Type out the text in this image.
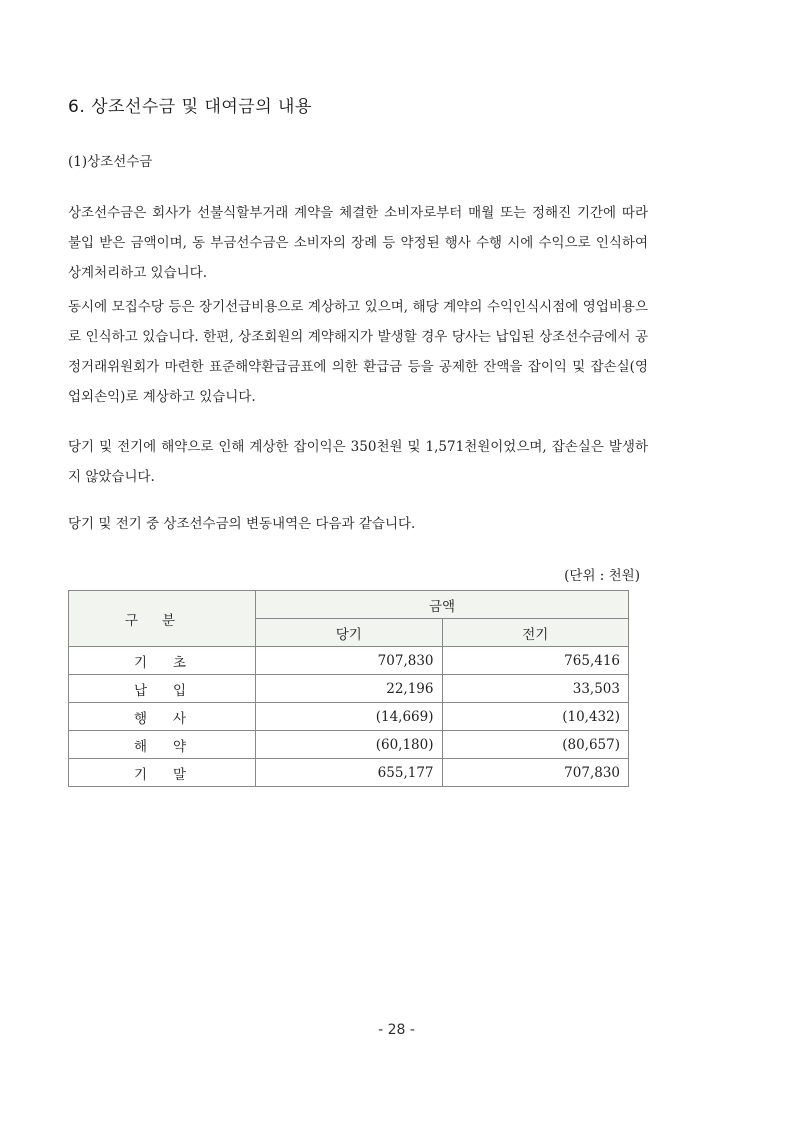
6. 상조선수금 및 대여금의 내용
(1)상조선수금
상조선수금은 회사가 선불식할부거래 계약을 체결한 소비자로부터 매월 또는 정해진 기간에 따라 불입 받은 금액이며, 동 부금선수금은 소비자의 장례 등 약정된 행사 수행 시에 수익으로 인식하여 상계처리하고 있습니다.
동시에 모집수당 등은 장기선급비용으로 계상하고 있으며, 해당 계약의 수익인식시점에 영업비용으로 인식하고 있습니다. 한편, 상조회원의 계약해지가 발생할 경우 당사는 납입된 상조선수금에서 공정거래위원회가 마련한 표준해약환급금표에 의한 환급금 등을 공제한 잔액을 잡이익 및 잡손실(영업외손익)로 계상하고 있습니다.
당기 및 전기에 해약으로 인해 계상한 잡이익은 350천원 및 1,571천원이었으며, 잡손실은 발생하지 않았습니다.
당기 및 전기 중 상조선수금의 변동내역은 다음과 같습니다.
(단위 : 천원)
구분	금액	
	당기	전기
기초	707,830	765,416
납입	22,196	33,503
행사	(14,669)	(10,432)
해약	(60,180)	(80,657)
기말	655,177	707,830
- 28 -
